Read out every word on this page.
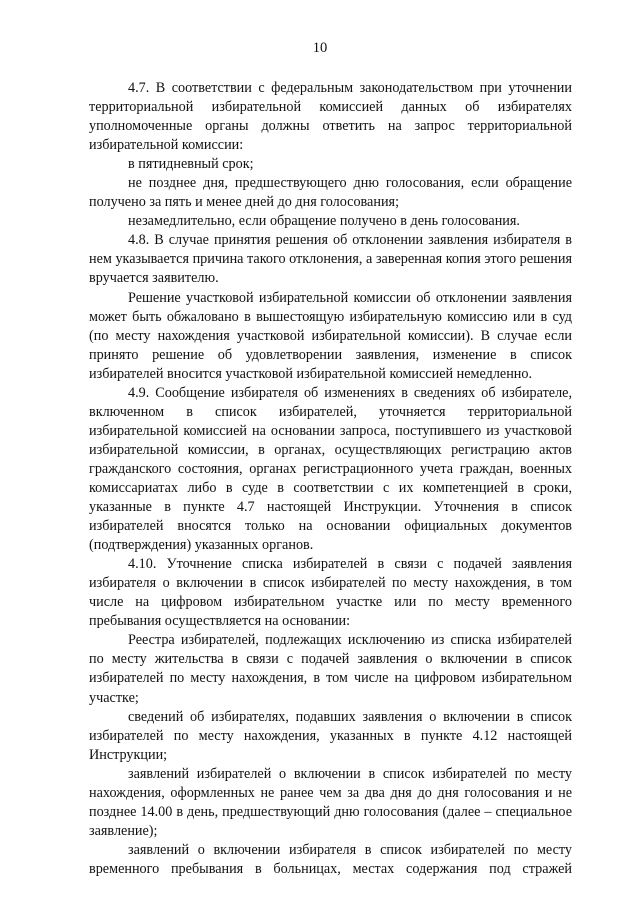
10

4.7. В соответствии с федеральным законодательством при уточнении территориальной избирательной комиссией данных об избирателях уполномоченные органы должны ответить на запрос территориальной избирательной комиссии:

в пятидневный срок;

не позднее дня, предшествующего дню голосования, если обращение получено за пять и менее дней до дня голосования;

незамедлительно, если обращение получено в день голосования.

4.8. В случае принятия решения об отклонении заявления избирателя в нем указывается причина такого отклонения, а заверенная копия этого решения вручается заявителю.

Решение участковой избирательной комиссии об отклонении заявления может быть обжаловано в вышестоящую избирательную комиссию или в суд (по месту нахождения участковой избирательной комиссии). В случае если принято решение об удовлетворении заявления, изменение в список избирателей вносится участковой избирательной комиссией немедленно.

4.9. Сообщение избирателя об изменениях в сведениях об избирателе, включенном в список избирателей, уточняется территориальной избирательной комиссией на основании запроса, поступившего из участковой избирательной комиссии, в органах, осуществляющих регистрацию актов гражданского состояния, органах регистрационного учета граждан, военных комиссариатах либо в суде в соответствии с их компетенцией в сроки, указанные в пункте 4.7 настоящей Инструкции. Уточнения в список избирателей вносятся только на основании официальных документов (подтверждения) указанных органов.

4.10. Уточнение списка избирателей в связи с подачей заявления избирателя о включении в список избирателей по месту нахождения, в том числе на цифровом избирательном участке или по месту временного пребывания осуществляется на основании:

Реестра избирателей, подлежащих исключению из списка избирателей по месту жительства в связи с подачей заявления о включении в список избирателей по месту нахождения, в том числе на цифровом избирательном участке;

сведений об избирателях, подавших заявления о включении в список избирателей по месту нахождения, указанных в пункте 4.12 настоящей Инструкции;

заявлений избирателей о включении в список избирателей по месту нахождения, оформленных не ранее чем за два дня до дня голосования и не позднее 14.00 в день, предшествующий дню голосования (далее – специальное заявление);

заявлений о включении избирателя в список избирателей по месту временного пребывания в больницах, местах содержания под стражей
